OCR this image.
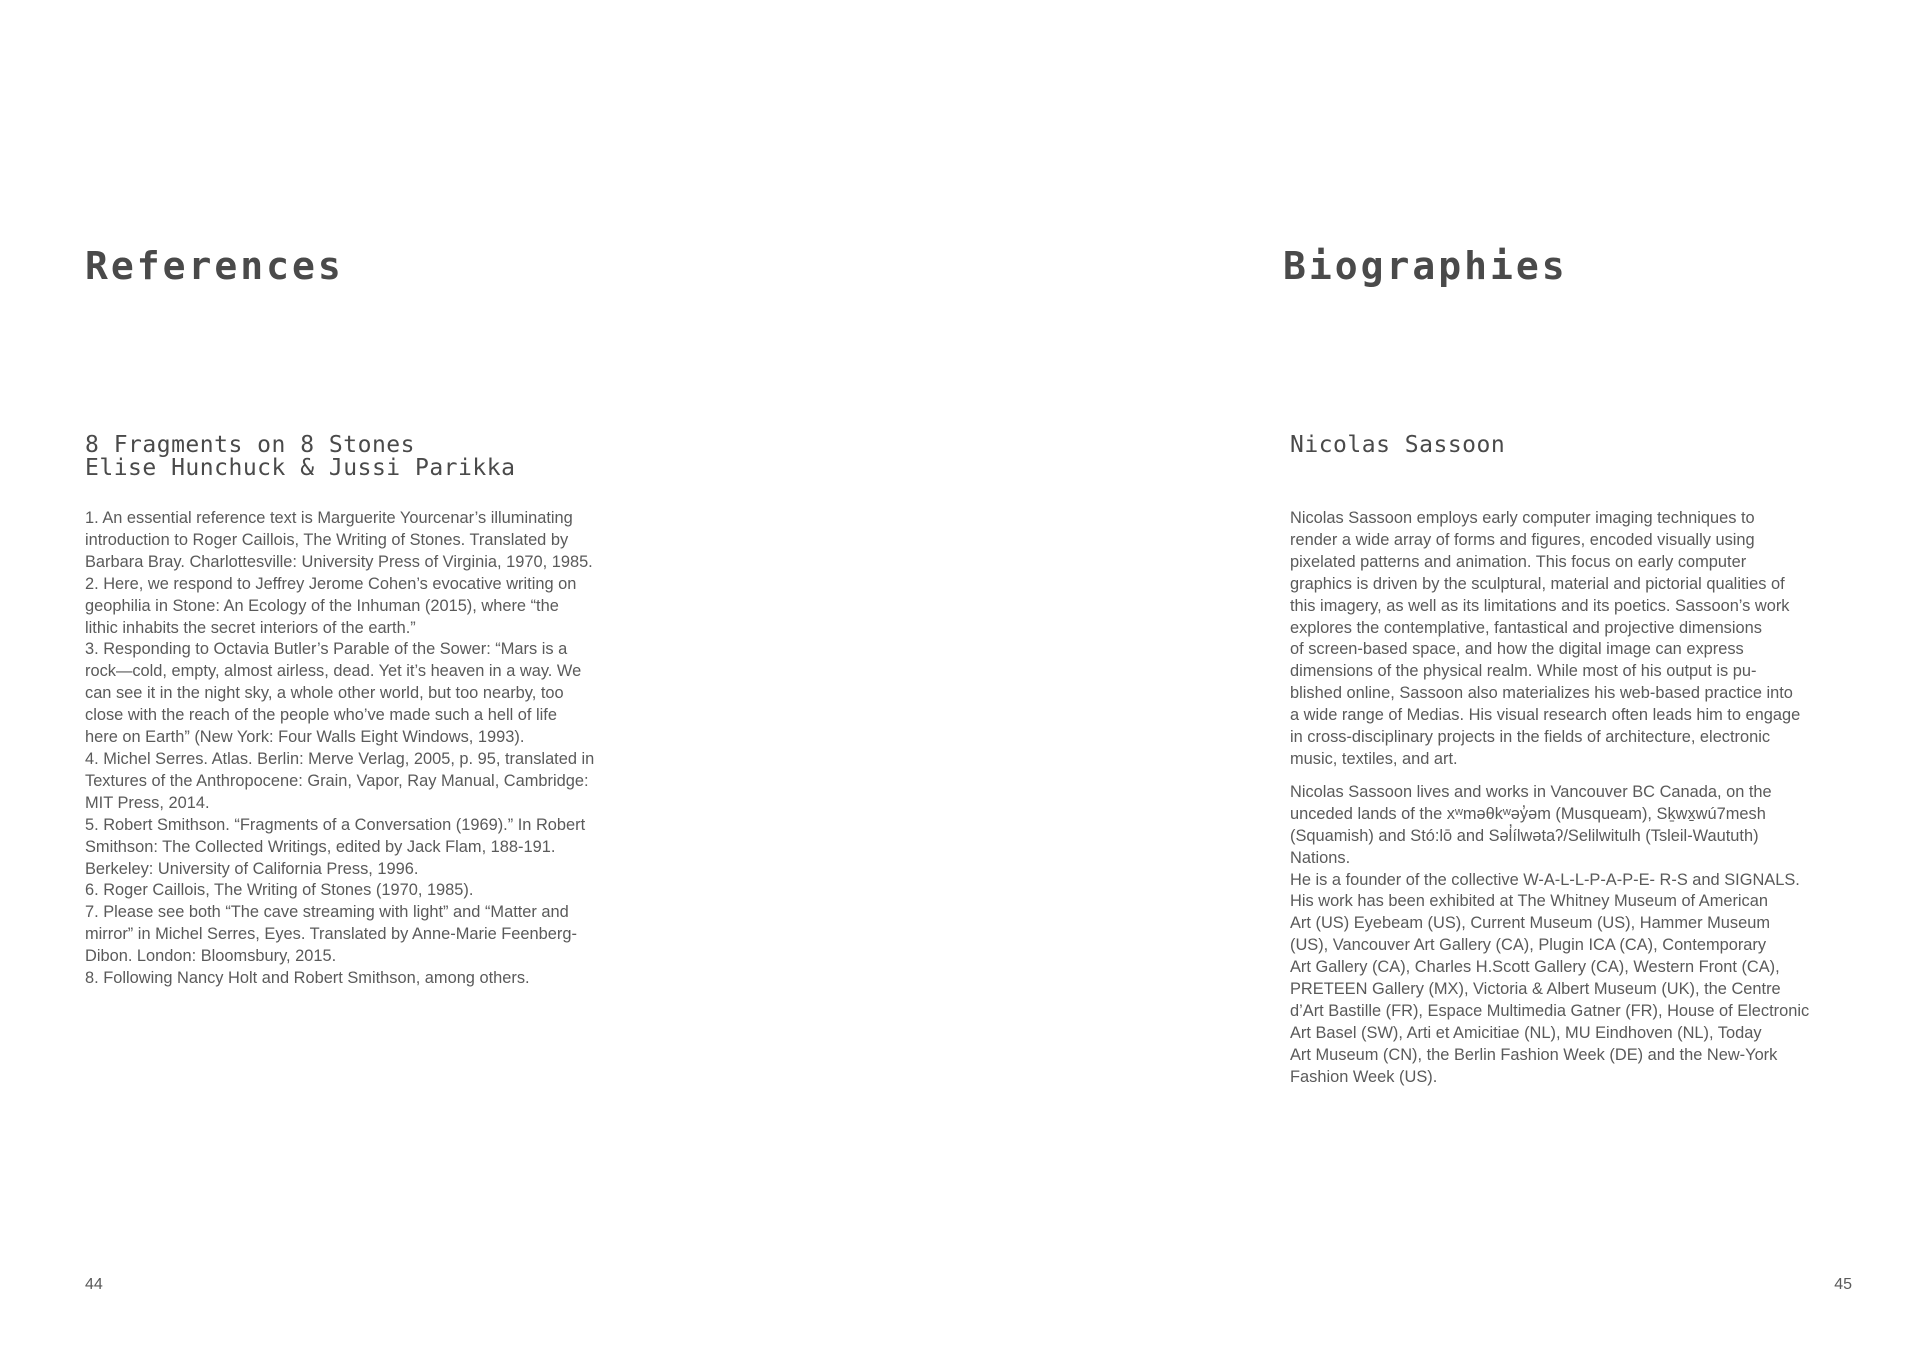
References
8 Fragments on 8 Stones
Elise Hunchuck & Jussi Parikka
1. An essential reference text is Marguerite Yourcenar’s illuminating
introduction to Roger Caillois, The Writing of Stones. Translated by
Barbara Bray. Charlottesville: University Press of Virginia, 1970, 1985.
2. Here, we respond to Jeffrey Jerome Cohen’s evocative writing on
geophilia in Stone: An Ecology of the Inhuman (2015), where “the
lithic inhabits the secret interiors of the earth.”
3. Responding to Octavia Butler’s Parable of the Sower: “Mars is a
rock—cold, empty, almost airless, dead. Yet it’s heaven in a way. We
can see it in the night sky, a whole other world, but too nearby, too
close with the reach of the people who’ve made such a hell of life
here on Earth” (New York: Four Walls Eight Windows, 1993).
4. Michel Serres. Atlas. Berlin: Merve Verlag, 2005, p. 95, translated in
Textures of the Anthropocene: Grain, Vapor, Ray Manual, Cambridge:
MIT Press, 2014.
5. Robert Smithson. “Fragments of a Conversation (1969).” In Robert
Smithson: The Collected Writings, edited by Jack Flam, 188-191.
Berkeley: University of California Press, 1996.
6. Roger Caillois, The Writing of Stones (1970, 1985).
7. Please see both “The cave streaming with light” and “Matter and
mirror” in Michel Serres, Eyes. Translated by Anne-Marie Feenberg-
Dibon. London: Bloomsbury, 2015.
8. Following Nancy Holt and Robert Smithson, among others.
44
Biographies
Nicolas Sassoon
Nicolas Sassoon employs early computer imaging techniques to
render a wide array of forms and figures, encoded visually using
pixelated patterns and animation. This focus on early computer
graphics is driven by the sculptural, material and pictorial qualities of
this imagery, as well as its limitations and its poetics. Sassoon’s work
explores the contemplative, fantastical and projective dimensions
of screen-based space, and how the digital image can express
dimensions of the physical realm. While most of his output is pu-
blished online, Sassoon also materializes his web-based practice into
a wide range of Medias. His visual research often leads him to engage
in cross-disciplinary projects in the fields of architecture, electronic
music, textiles, and art.
Nicolas Sassoon lives and works in Vancouver BC Canada, on the
unceded lands of the xʷməθkʷəy̓əm (Musqueam), Sḵwx̱wú7mesh
(Squamish) and Stó:lō and Səl̓ílwətaʔ/Selilwitulh (Tsleil-Waututh)
Nations.
He is a founder of the collective W-A-L-L-P-A-P-E- R-S and SIGNALS.
His work has been exhibited at The Whitney Museum of American
Art (US) Eyebeam (US), Current Museum (US), Hammer Museum
(US), Vancouver Art Gallery (CA), Plugin ICA (CA), Contemporary
Art Gallery (CA), Charles H.Scott Gallery (CA), Western Front (CA),
PRETEEN Gallery (MX), Victoria & Albert Museum (UK), the Centre
d’Art Bastille (FR), Espace Multimedia Gatner (FR), House of Electronic
Art Basel (SW), Arti et Amicitiae (NL), MU Eindhoven (NL), Today
Art Museum (CN), the Berlin Fashion Week (DE) and the New-York
Fashion Week (US).
45
